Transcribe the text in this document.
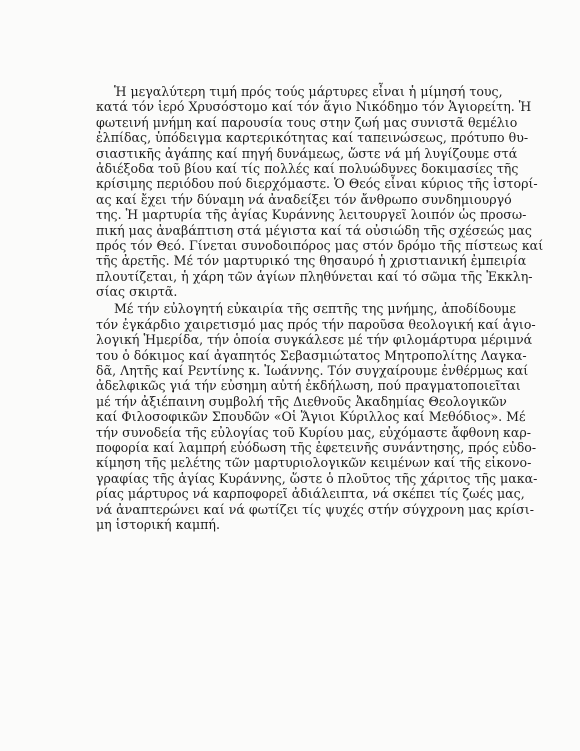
Ἡ μεγαλύτερη τιμή πρός τούς μάρτυρες εἶναι ἡ μίμησή τους,
κατά τόν ἱερό Χρυσόστομο καί τόν ἅγιο Νικόδημο τόν Ἁγιορείτη. Ἡ
φωτεινή μνήμη καί παρουσία τους στην ζωή μας συνιστᾶ θεμέλιο
ἐλπίδας, ὑπόδειγμα καρτερικότητας καί ταπεινώσεως, πρότυπο θυ-
σιαστικῆς ἀγάπης καί πηγή δυνάμεως, ὥστε νά μή λυγίζουμε στά
ἀδιέξοδα τοῦ βίου καί τίς πολλές καί πολυώδυνες δοκιμασίες τῆς
κρίσιμης περιόδου πού διερχόμαστε. Ὁ Θεός εἶναι κύριος τῆς ἱστορί-
ας καί ἔχει τήν δύναμη νά ἀναδείξει τόν ἄνθρωπο συνδημιουργό
της. Ἡ μαρτυρία τῆς ἁγίας Κυράννης λειτουργεῖ λοιπόν ὡς προσω-
πική μας ἀναβάπτιση στά μέγιστα καί τά οὐσιώδη τῆς σχέσεώς μας
πρός τόν Θεό. Γίνεται συνοδοιπόρος μας στόν δρόμο τῆς πίστεως καί
τῆς ἀρετῆς. Μέ τόν μαρτυρικό της θησαυρό ἡ χριστιανική ἐμπειρία
πλουτίζεται, ἡ χάρη τῶν ἁγίων πληθύνεται καί τό σῶμα τῆς Ἐκκλη-
σίας σκιρτᾶ.
Μέ τήν εὐλογητή εὐκαιρία τῆς σεπτῆς της μνήμης, ἀποδίδουμε
τόν ἐγκάρδιο χαιρετισμό μας πρός τήν παροῦσα θεολογική καί ἁγιο-
λογική Ἡμερίδα, τήν ὁποία συγκάλεσε μέ τήν φιλομάρτυρα μέριμνά
του ὁ δόκιμος καί ἀγαπητός Σεβασμιώτατος Μητροπολίτης Λαγκα-
δᾶ, Λητῆς καί Ρεντίνης κ. Ἰωάννης. Τόν συγχαίρουμε ἐνθέρμως καί
ἀδελφικῶς γιά τήν εὐσημη αὐτή ἐκδήλωση, πού πραγματοποιεῖται
μέ τήν ἀξιέπαινη συμβολή τῆς Διεθνοῦς Ἀκαδημίας Θεολογικῶν
καί Φιλοσοφικῶν Σπουδῶν «Οἱ Ἅγιοι Κύριλλος καί Μεθόδιος». Μέ
τήν συνοδεία τῆς εὐλογίας τοῦ Κυρίου μας, εὐχόμαστε ἄφθονη καρ-
ποφορία καί λαμπρή εὐόδωση τῆς ἐφετεινῆς συνάντησης, πρός εὐδο-
κίμηση τῆς μελέτης τῶν μαρτυριολογικῶν κειμένων καί τῆς εἰκονο-
γραφίας τῆς ἁγίας Κυράννης, ὥστε ὁ πλοῦτος τῆς χάριτος τῆς μακα-
ρίας μάρτυρος νά καρποφορεῖ ἀδιάλειπτα, νά σκέπει τίς ζωές μας,
νά ἀναπτερώνει καί νά φωτίζει τίς ψυχές στήν σύγχρονη μας κρίσι-
μη ἱστορική καμπή.
